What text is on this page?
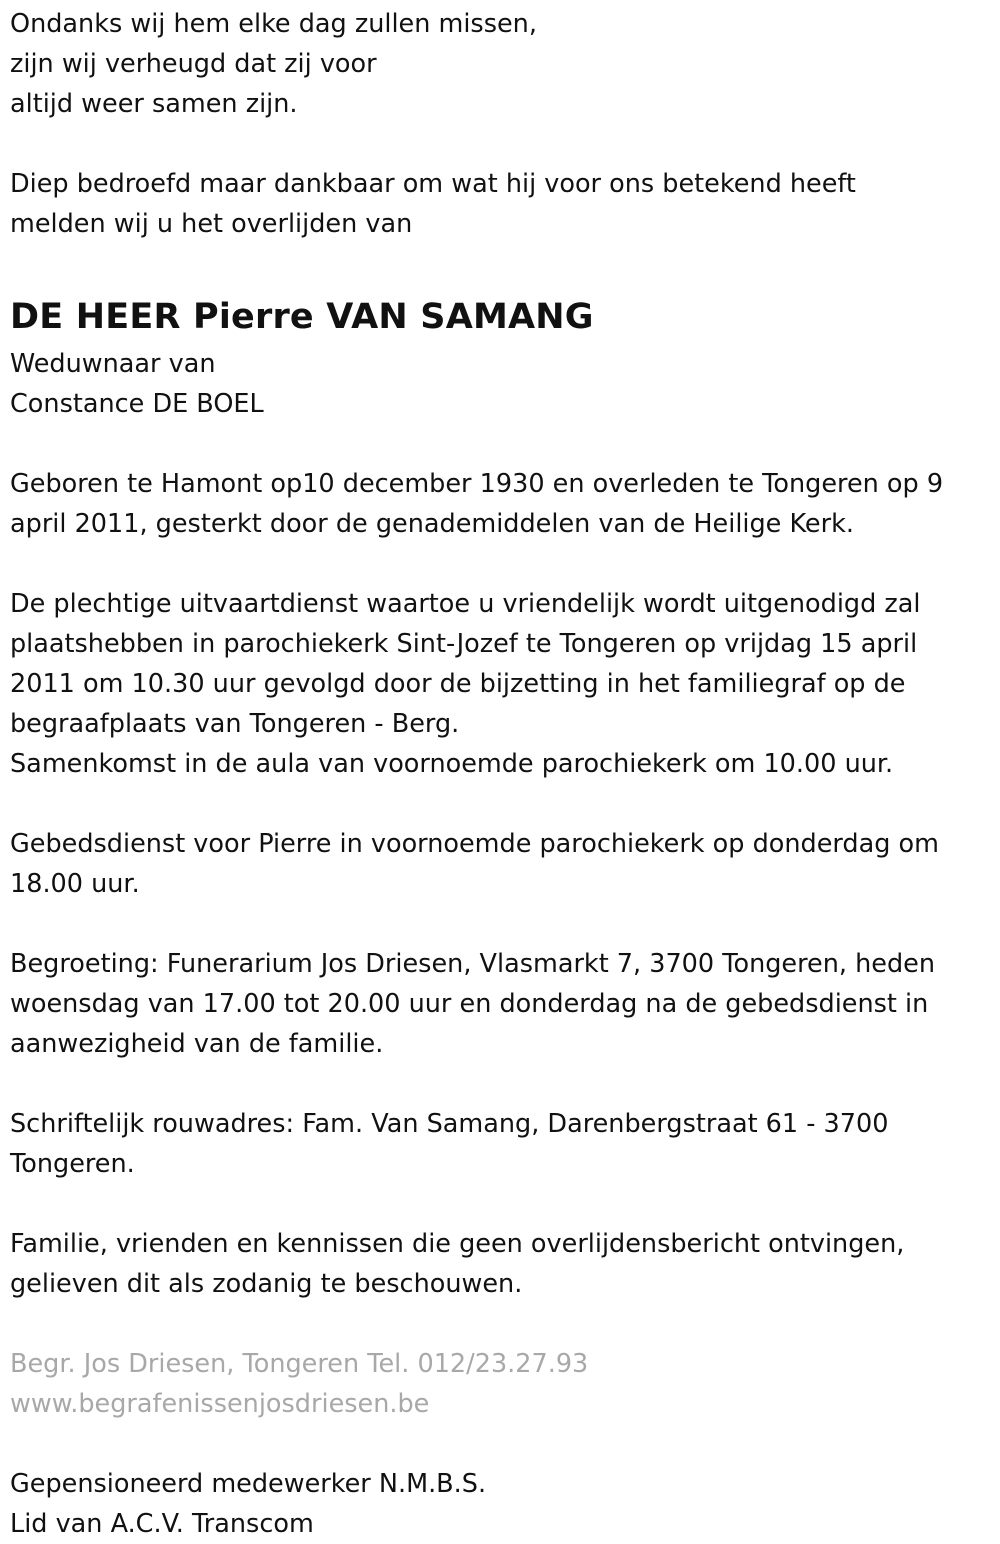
Ondanks wij hem elke dag zullen missen,
zijn wij verheugd dat zij voor
altijd weer samen zijn.
Diep bedroefd maar dankbaar om wat hij voor ons betekend heeft
melden wij u het overlijden van
DE HEER Pierre VAN SAMANG
Weduwnaar van
Constance DE BOEL
Geboren te Hamont op10 december 1930 en overleden te Tongeren op 9
april 2011, gesterkt door de genademiddelen van de Heilige Kerk.
De plechtige uitvaartdienst waartoe u vriendelijk wordt uitgenodigd zal
plaatshebben in parochiekerk Sint-Jozef te Tongeren op vrijdag 15 april
2011 om 10.30 uur gevolgd door de bijzetting in het familiegraf op de
begraafplaats van Tongeren - Berg.
Samenkomst in de aula van voornoemde parochiekerk om 10.00 uur.
Gebedsdienst voor Pierre in voornoemde parochiekerk op donderdag om
18.00 uur.
Begroeting: Funerarium Jos Driesen, Vlasmarkt 7, 3700 Tongeren, heden
woensdag van 17.00 tot 20.00 uur en donderdag na de gebedsdienst in
aanwezigheid van de familie.
Schriftelijk rouwadres: Fam. Van Samang, Darenbergstraat 61 - 3700
Tongeren.
Familie, vrienden en kennissen die geen overlijdensbericht ontvingen,
gelieven dit als zodanig te beschouwen.
Begr. Jos Driesen, Tongeren Tel. 012/23.27.93
www.begrafenissenjosdriesen.be
Gepensioneerd medewerker N.M.B.S.
Lid van A.C.V. Transcom
